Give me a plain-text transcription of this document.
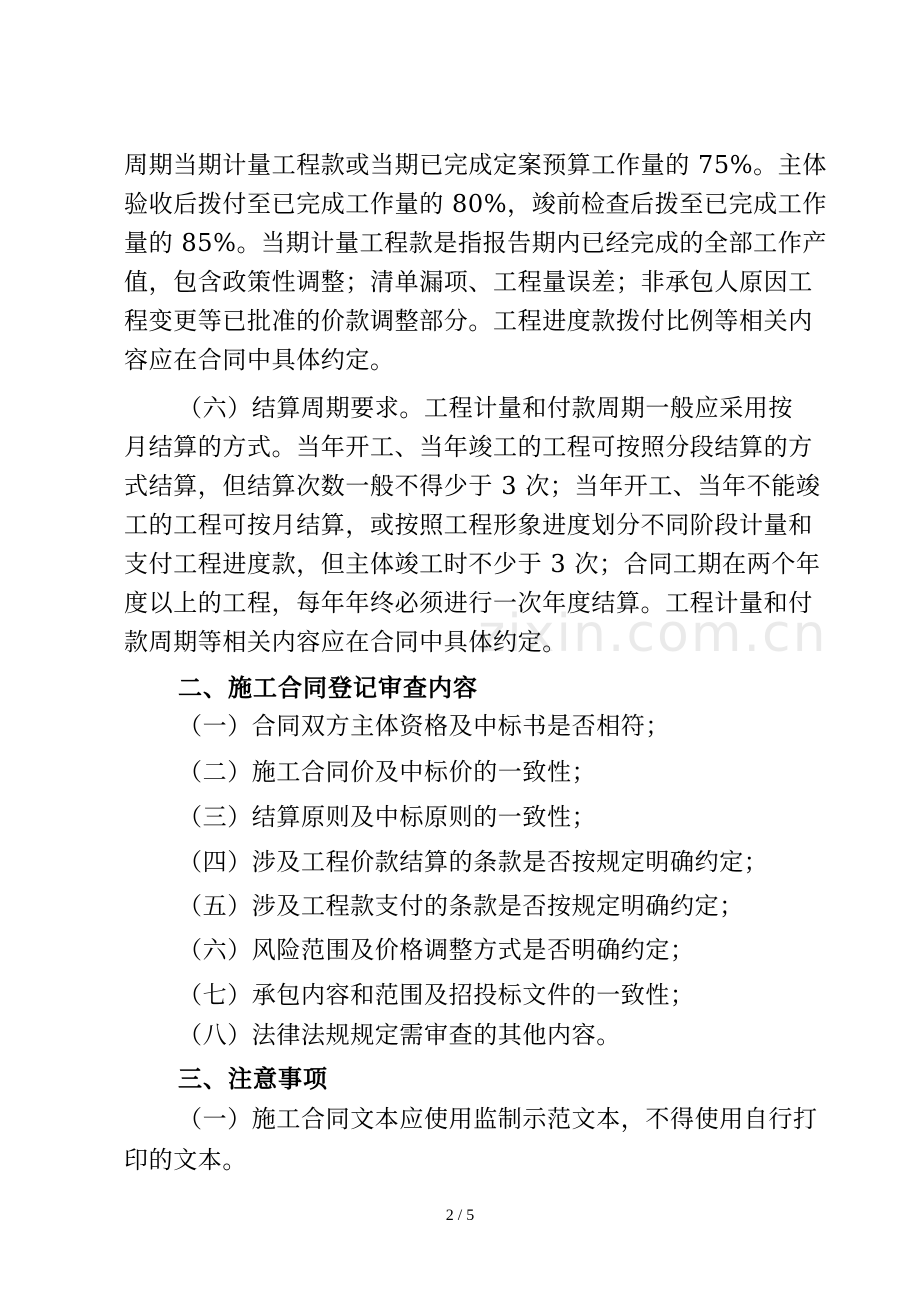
周期当期计量工程款或当期已完成定案预算工作量的 75%。主体
验收后拨付至已完成工作量的 80%，竣前检查后拨至已完成工作
量的 85%。当期计量工程款是指报告期内已经完成的全部工作产
值，包含政策性调整；清单漏项、工程量误差；非承包人原因工
程变更等已批准的价款调整部分。工程进度款拨付比例等相关内
容应在合同中具体约定。
（六）结算周期要求。工程计量和付款周期一般应采用按
月结算的方式。当年开工、当年竣工的工程可按照分段结算的方
式结算，但结算次数一般不得少于 3 次；当年开工、当年不能竣
工的工程可按月结算，或按照工程形象进度划分不同阶段计量和
支付工程进度款，但主体竣工时不少于 3 次；合同工期在两个年
度以上的工程，每年年终必须进行一次年度结算。工程计量和付
款周期等相关内容应在合同中具体约定。
二、施工合同登记审查内容
（一）合同双方主体资格及中标书是否相符；
（二）施工合同价及中标价的一致性；
（三）结算原则及中标原则的一致性；
（四）涉及工程价款结算的条款是否按规定明确约定；
（五）涉及工程款支付的条款是否按规定明确约定；
（六）风险范围及价格调整方式是否明确约定；
（七）承包内容和范围及招投标文件的一致性；
（八）法律法规规定需审查的其他内容。
三、注意事项
（一）施工合同文本应使用监制示范文本，不得使用自行打
印的文本。
zixin.com.cn
2 / 5
